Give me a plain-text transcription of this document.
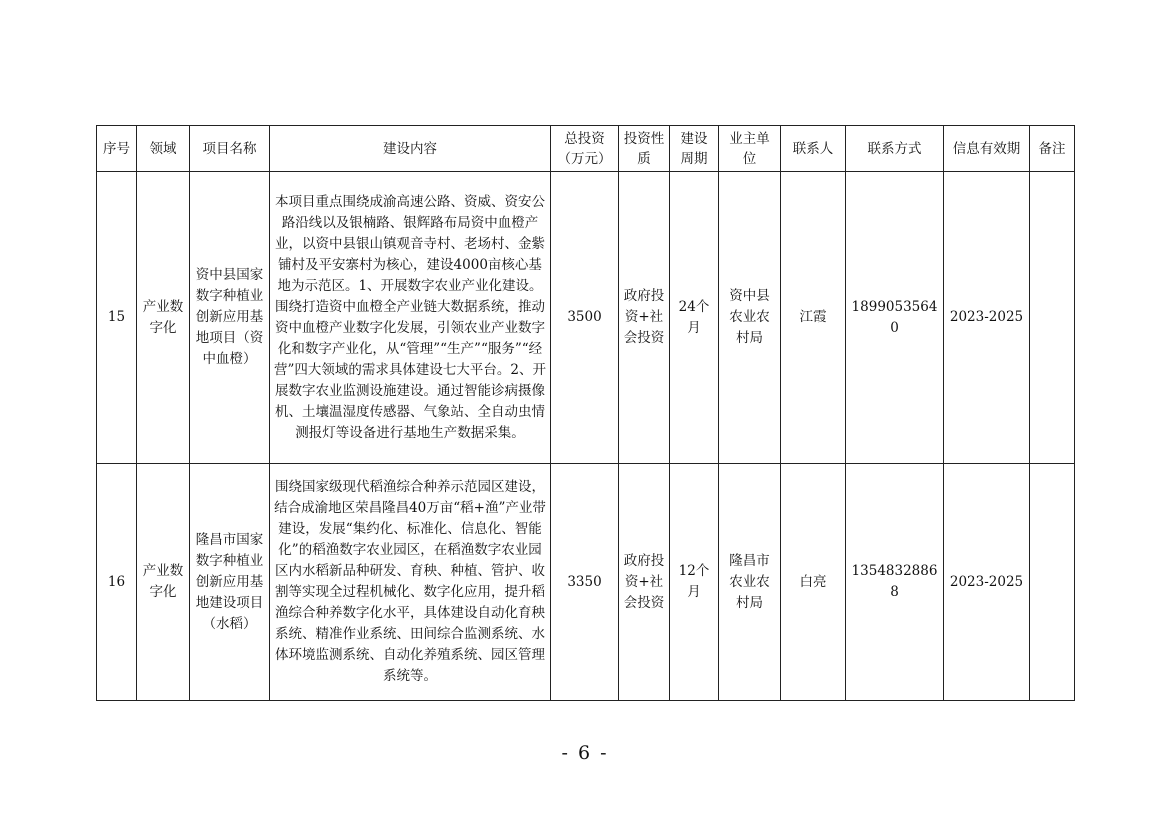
序号	领域	项目名称	建设内容	总投资（万元）	投资性质	建设周期	业主单位	联系人	联系方式	信息有效期	备注
15	产业数字化	资中县国家数字种植业创新应用基地项目（资中血橙）	本项目重点围绕成渝高速公路、资威、资安公路沿线以及银楠路、银辉路布局资中血橙产业，以资中县银山镇观音寺村、老场村、金紫铺村及平安寨村为核心，建设4000亩核心基地为示范区。1、开展数字农业产业化建设。围绕打造资中血橙全产业链大数据系统，推动资中血橙产业数字化发展，引领农业产业数字化和数字产业化，从“管理”“生产”“服务”“经营”四大领域的需求具体建设七大平台。2、开展数字农业监测设施建设。通过智能诊病摄像机、土壤温湿度传感器、气象站、全自动虫情测报灯等设备进行基地生产数据采集。	3500	政府投资+社会投资	24个月	资中县农业农村局	江霞	18990535640	2023-2025	
16	产业数字化	隆昌市国家数字种植业创新应用基地建设项目（水稻）	围绕国家级现代稻渔综合种养示范园区建设，结合成渝地区荣昌隆昌40万亩“稻+渔”产业带建设，发展“集约化、标准化、信息化、智能化”的稻渔数字农业园区，在稻渔数字农业园区内水稻新品种研发、育秧、种植、管护、收割等实现全过程机械化、数字化应用，提升稻渔综合种养数字化水平，具体建设自动化育秧系统、精准作业系统、田间综合监测系统、水体环境监测系统、自动化养殖系统、园区管理系统等。	3350	政府投资+社会投资	12个月	隆昌市农业农村局	白亮	13548328868	2023-2025	
- 6 -
